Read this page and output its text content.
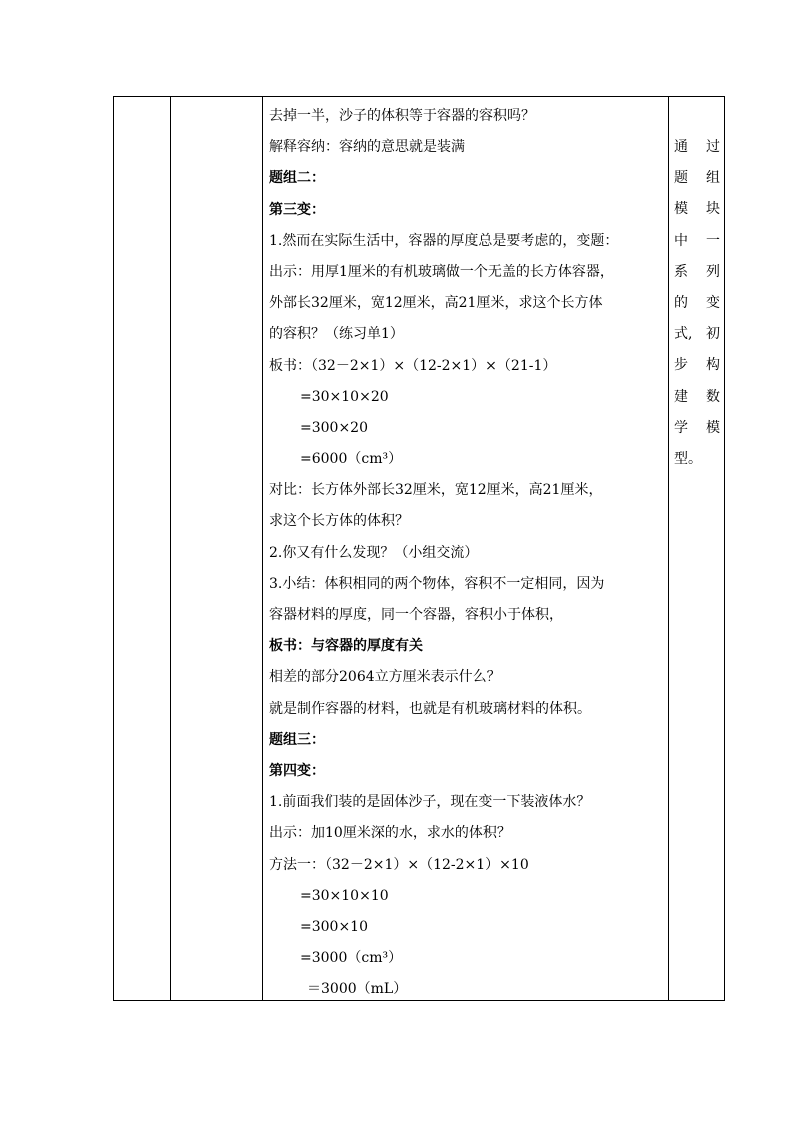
去掉一半，沙子的体积等于容器的容积吗？
解释容纳：容纳的意思就是装满
题组二：
第三变：
1.然而在实际生活中，容器的厚度总是要考虑的，变题：
出示：用厚1厘米的有机玻璃做一个无盖的长方体容器，
外部长32厘米，宽12厘米，高21厘米，求这个长方体
的容积？（练习单1）
板书：（32－2×1）×（12-2×1）×（21-1）
=30×10×20
=300×20
=6000（cm³）
对比：长方体外部长32厘米，宽12厘米，高21厘米，
求这个长方体的体积？
2.你又有什么发现？（小组交流）
3.小结：体积相同的两个物体，容积不一定相同，因为
容器材料的厚度，同一个容器，容积小于体积，
板书：与容器的厚度有关
相差的部分2064立方厘米表示什么？
就是制作容器的材料，也就是有机玻璃材料的体积。
题组三：
第四变：
1.前面我们装的是固体沙子，现在变一下装液体水？
出示：加10厘米深的水，求水的体积？
方法一：（32－2×1）×（12-2×1）×10
=30×10×10
=300×10
=3000（cm³）
＝3000（mL）
通 过
题 组
模 块
中 一
系 列
的 变
式, 初
步 构
建 数
学 模
型。
